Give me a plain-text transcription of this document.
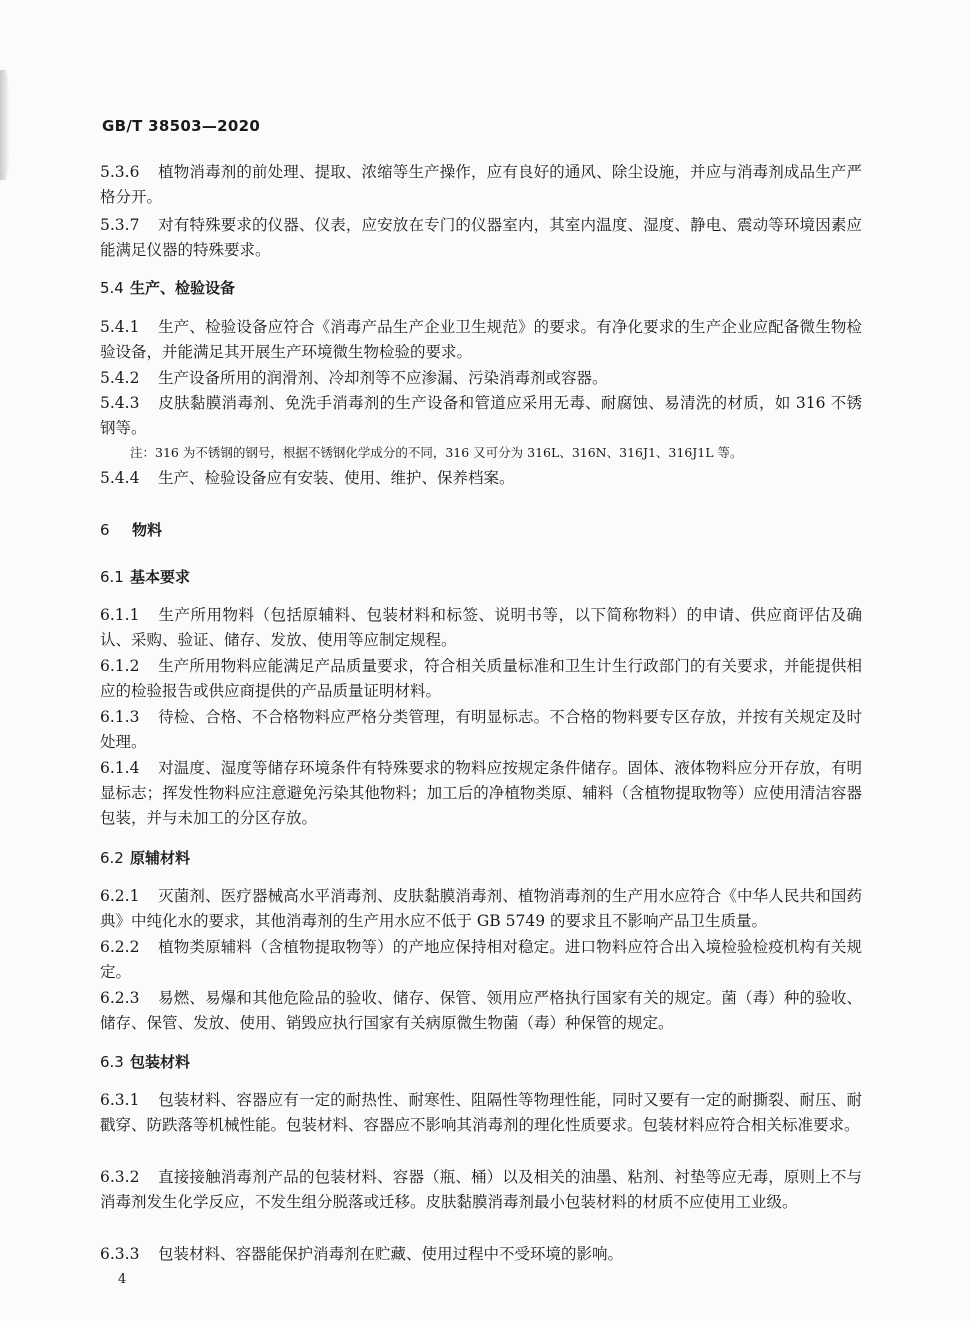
GB/T 38503—2020

5.3.6 植物消毒剂的前处理、提取、浓缩等生产操作，应有良好的通风、除尘设施，并应与消毒剂成品生产严格分开。

5.3.7 对有特殊要求的仪器、仪表，应安放在专门的仪器室内，其室内温度、湿度、静电、震动等环境因素应能满足仪器的特殊要求。

5.4 生产、检验设备

5.4.1 生产、检验设备应符合《消毒产品生产企业卫生规范》的要求。有净化要求的生产企业应配备微生物检验设备，并能满足其开展生产环境微生物检验的要求。

5.4.2 生产设备所用的润滑剂、冷却剂等不应渗漏、污染消毒剂或容器。

5.4.3 皮肤黏膜消毒剂、免洗手消毒剂的生产设备和管道应采用无毒、耐腐蚀、易清洗的材质，如 316 不锈钢等。

注：316 为不锈钢的钢号，根据不锈钢化学成分的不同，316 又可分为 316L、316N、316J1、316J1L 等。

5.4.4 生产、检验设备应有安装、使用、维护、保养档案。

6 物料
6.1 基本要求

6.1.1 生产所用物料（包括原辅料、包装材料和标签、说明书等，以下简称物料）的申请、供应商评估及确认、采购、验证、储存、发放、使用等应制定规程。

6.1.2 生产所用物料应能满足产品质量要求，符合相关质量标准和卫生计生行政部门的有关要求，并能提供相应的检验报告或供应商提供的产品质量证明材料。

6.1.3 待检、合格、不合格物料应严格分类管理，有明显标志。不合格的物料要专区存放，并按有关规定及时处理。

6.1.4 对温度、湿度等储存环境条件有特殊要求的物料应按规定条件储存。固体、液体物料应分开存放，有明显标志；挥发性物料应注意避免污染其他物料；加工后的净植物类原、辅料（含植物提取物等）应使用清洁容器包装，并与未加工的分区存放。

6.2 原辅材料

6.2.1 灭菌剂、医疗器械高水平消毒剂、皮肤黏膜消毒剂、植物消毒剂的生产用水应符合《中华人民共和国药典》中纯化水的要求，其他消毒剂的生产用水应不低于 GB 5749 的要求且不影响产品卫生质量。

6.2.2 植物类原辅料（含植物提取物等）的产地应保持相对稳定。进口物料应符合出入境检验检疫机构有关规定。

6.2.3 易燃、易爆和其他危险品的验收、储存、保管、领用应严格执行国家有关的规定。菌（毒）种的验收、储存、保管、发放、使用、销毁应执行国家有关病原微生物菌（毒）种保管的规定。

6.3 包装材料

6.3.1 包装材料、容器应有一定的耐热性、耐寒性、阻隔性等物理性能，同时又要有一定的耐撕裂、耐压、耐戳穿、防跌落等机械性能。包装材料、容器应不影响其消毒剂的理化性质要求。包装材料应符合相关标准要求。

6.3.2 直接接触消毒剂产品的包装材料、容器（瓶、桶）以及相关的油墨、粘剂、衬垫等应无毒，原则上不与消毒剂发生化学反应，不发生组分脱落或迁移。皮肤黏膜消毒剂最小包装材料的材质不应使用工业级。

6.3.3 包装材料、容器能保护消毒剂在贮藏、使用过程中不受环境的影响。

4
